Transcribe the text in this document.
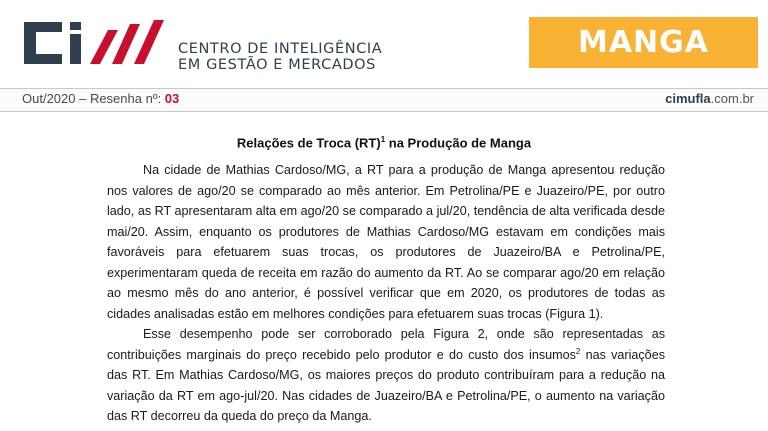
CENTRO DE INTELIGÊNCIA
EM GESTÃO E MERCADOS
MANGA
Out/2020 – Resenha nº: 03	cimufla.com.br
Relações de Troca (RT)$^1$ na Produção de Manga

Na cidade de Mathias Cardoso/MG, a RT para a produção de Manga apresentou redução nos valores de ago/20 se comparado ao mês anterior. Em Petrolina/PE e Juazeiro/PE, por outro lado, as RT apresentaram alta em ago/20 se comparado a jul/20, tendência de alta verificada desde mai/20. Assim, enquanto os produtores de Mathias Cardoso/MG estavam em condições mais favoráveis para efetuarem suas trocas, os produtores de Juazeiro/BA e Petrolina/PE, experimentaram queda de receita em razão do aumento da RT. Ao se comparar ago/20 em relação ao mesmo mês do ano anterior, é possível verificar que em 2020, os produtores de todas as cidades analisadas estão em melhores condições para efetuarem suas trocas (Figura 1).

Esse desempenho pode ser corroborado pela Figura 2, onde são representadas as contribuições marginais do preço recebido pelo produtor e do custo dos insumos$^2$ nas variações das RT. Em Mathias Cardoso/MG, os maiores preços do produto contribuíram para a redução na variação da RT em ago-jul/20. Nas cidades de Juazeiro/BA e Petrolina/PE, o aumento na variação das RT decorreu da queda do preço da Manga.
